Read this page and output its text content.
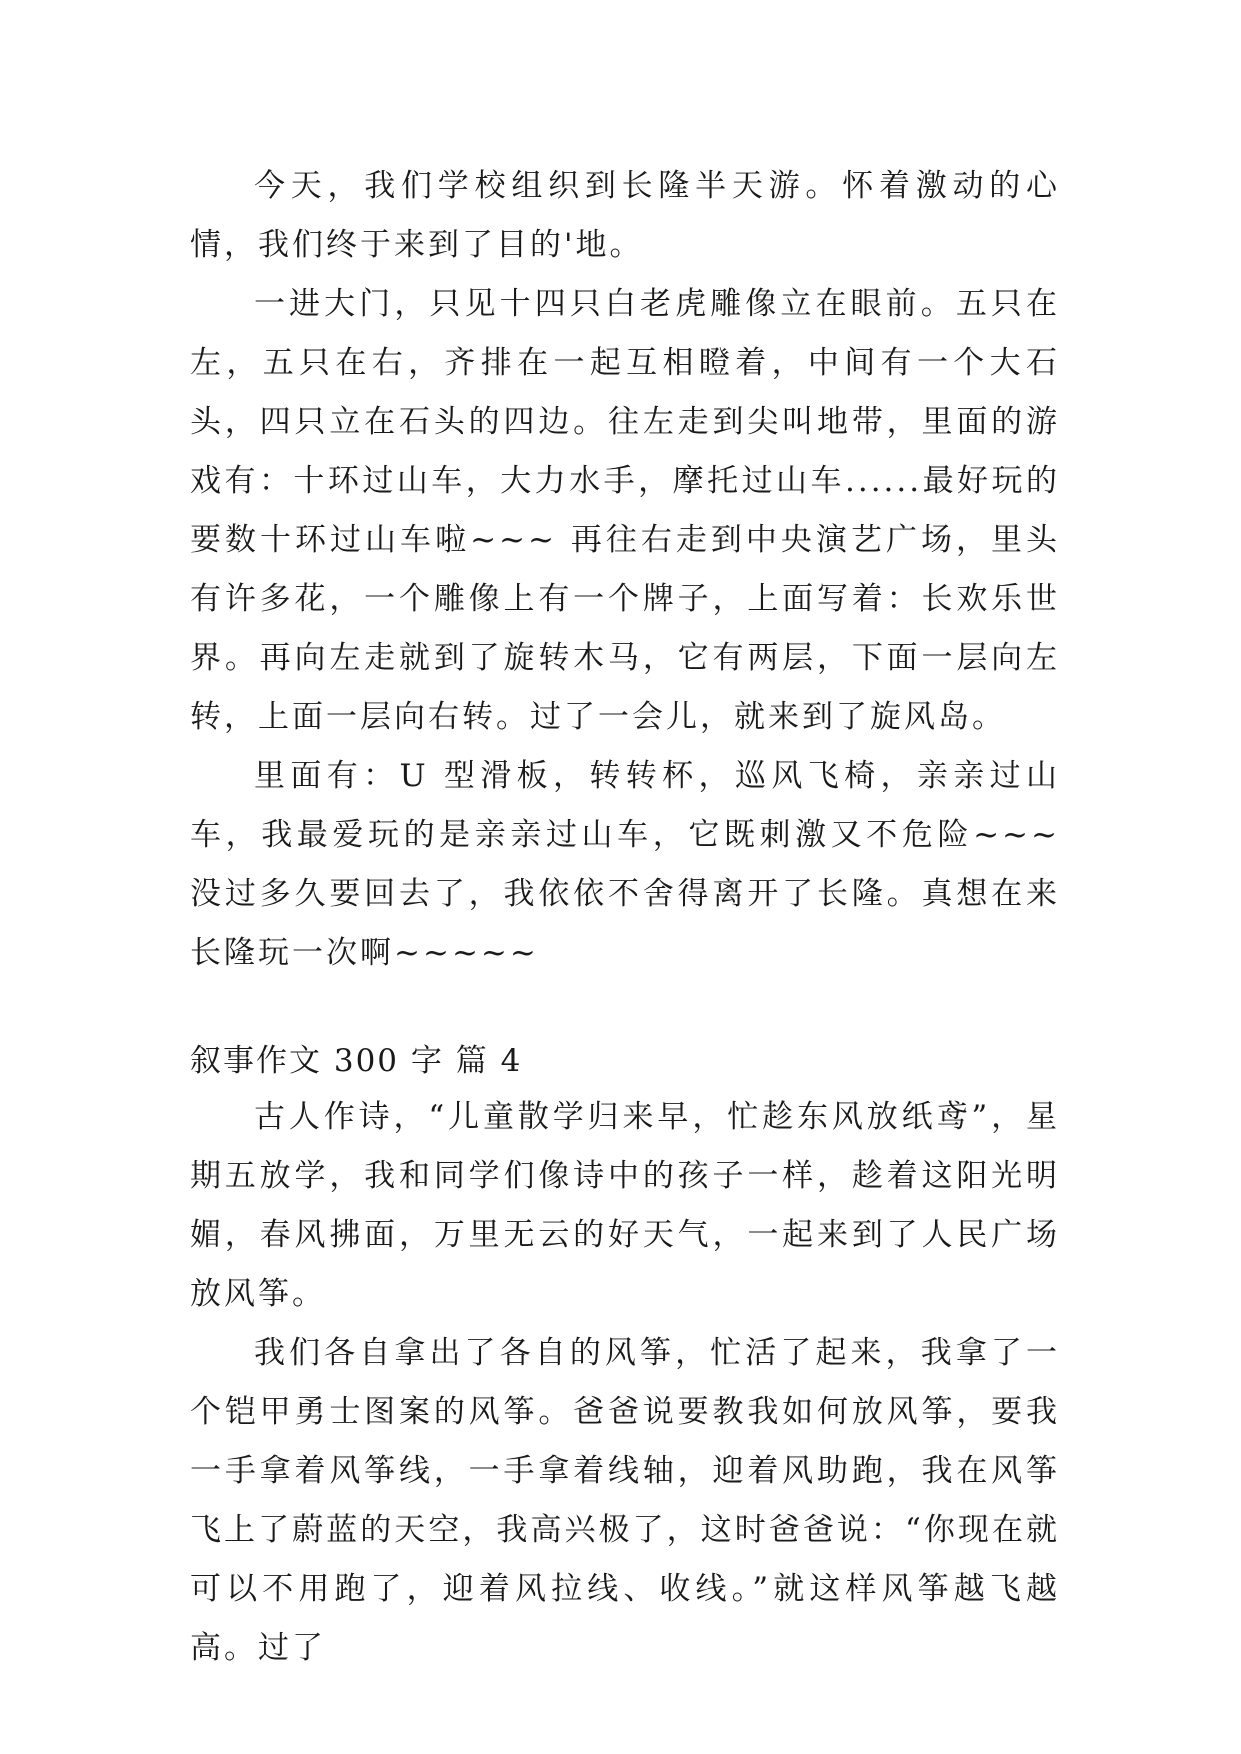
今天，我们学校组织到长隆半天游。怀着激动的心情，我们终于来到了目的'地。

一进大门，只见十四只白老虎雕像立在眼前。五只在左，五只在右，齐排在一起互相瞪着，中间有一个大石头，四只立在石头的四边。往左走到尖叫地带，里面的游戏有：十环过山车，大力水手，摩托过山车......最好玩的要数十环过山车啦~~~ 再往右走到中央演艺广场，里头有许多花，一个雕像上有一个牌子，上面写着：长欢乐世界。再向左走就到了旋转木马，它有两层，下面一层向左转，上面一层向右转。过了一会儿，就来到了旋风岛。

里面有：U 型滑板，转转杯，巡风飞椅，亲亲过山车，我最爱玩的是亲亲过山车，它既刺激又不危险~~~ 没过多久要回去了，我依依不舍得离开了长隆。真想在来长隆玩一次啊~~~~~

叙事作文 300 字 篇 4

古人作诗，“儿童散学归来早，忙趁东风放纸鸢”，星期五放学，我和同学们像诗中的孩子一样，趁着这阳光明媚，春风拂面，万里无云的好天气，一起来到了人民广场放风筝。

我们各自拿出了各自的风筝，忙活了起来，我拿了一个铠甲勇士图案的风筝。爸爸说要教我如何放风筝，要我一手拿着风筝线，一手拿着线轴，迎着风助跑，我在风筝飞上了蔚蓝的天空，我高兴极了，这时爸爸说：“你现在就可以不用跑了，迎着风拉线、收线。”就这样风筝越飞越高。过了
